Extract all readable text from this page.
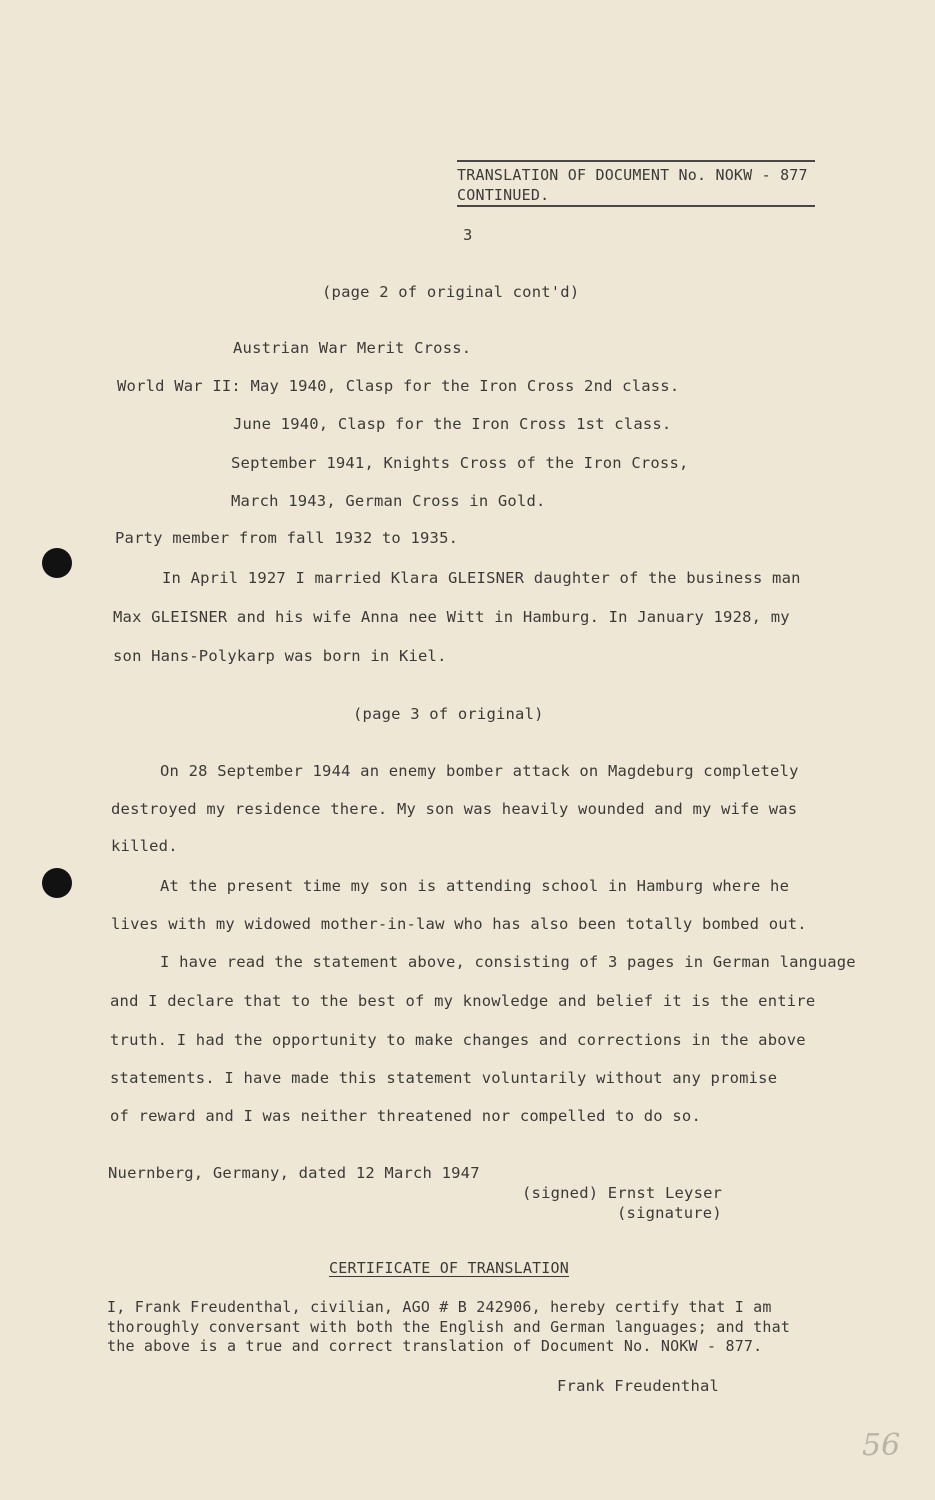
TRANSLATION OF DOCUMENT No. NOKW - 877
CONTINUED.
3
(page 2 of original cont'd)
Austrian War Merit Cross.
World War II: May 1940, Clasp for the Iron Cross 2nd class.
June 1940, Clasp for the Iron Cross 1st class.
September 1941, Knights Cross of the Iron Cross,
March 1943, German Cross in Gold.
Party member from fall 1932 to 1935.
In April 1927 I married Klara GLEISNER daughter of the business man
Max GLEISNER and his wife Anna nee Witt in Hamburg. In January 1928, my
son Hans-Polykarp was born in Kiel.
(page 3 of original)
On 28 September 1944 an enemy bomber attack on Magdeburg completely
destroyed my residence there. My son was heavily wounded and my wife was
killed.
At the present time my son is attending school in Hamburg where he
lives with my widowed mother-in-law who has also been totally bombed out.
I have read the statement above, consisting of 3 pages in German language
and I declare that to the best of my knowledge and belief it is the entire
truth. I had the opportunity to make changes and corrections in the above
statements. I have made this statement voluntarily without any promise
of reward and I was neither threatened nor compelled to do so.
Nuernberg, Germany, dated 12 March 1947
(signed) Ernst Leyser
(signature)
CERTIFICATE OF TRANSLATION
I, Frank Freudenthal, civilian, AGO # B 242906, hereby certify that I am
thoroughly conversant with both the English and German languages; and that
the above is a true and correct translation of Document No. NOKW - 877.
Frank Freudenthal
56
